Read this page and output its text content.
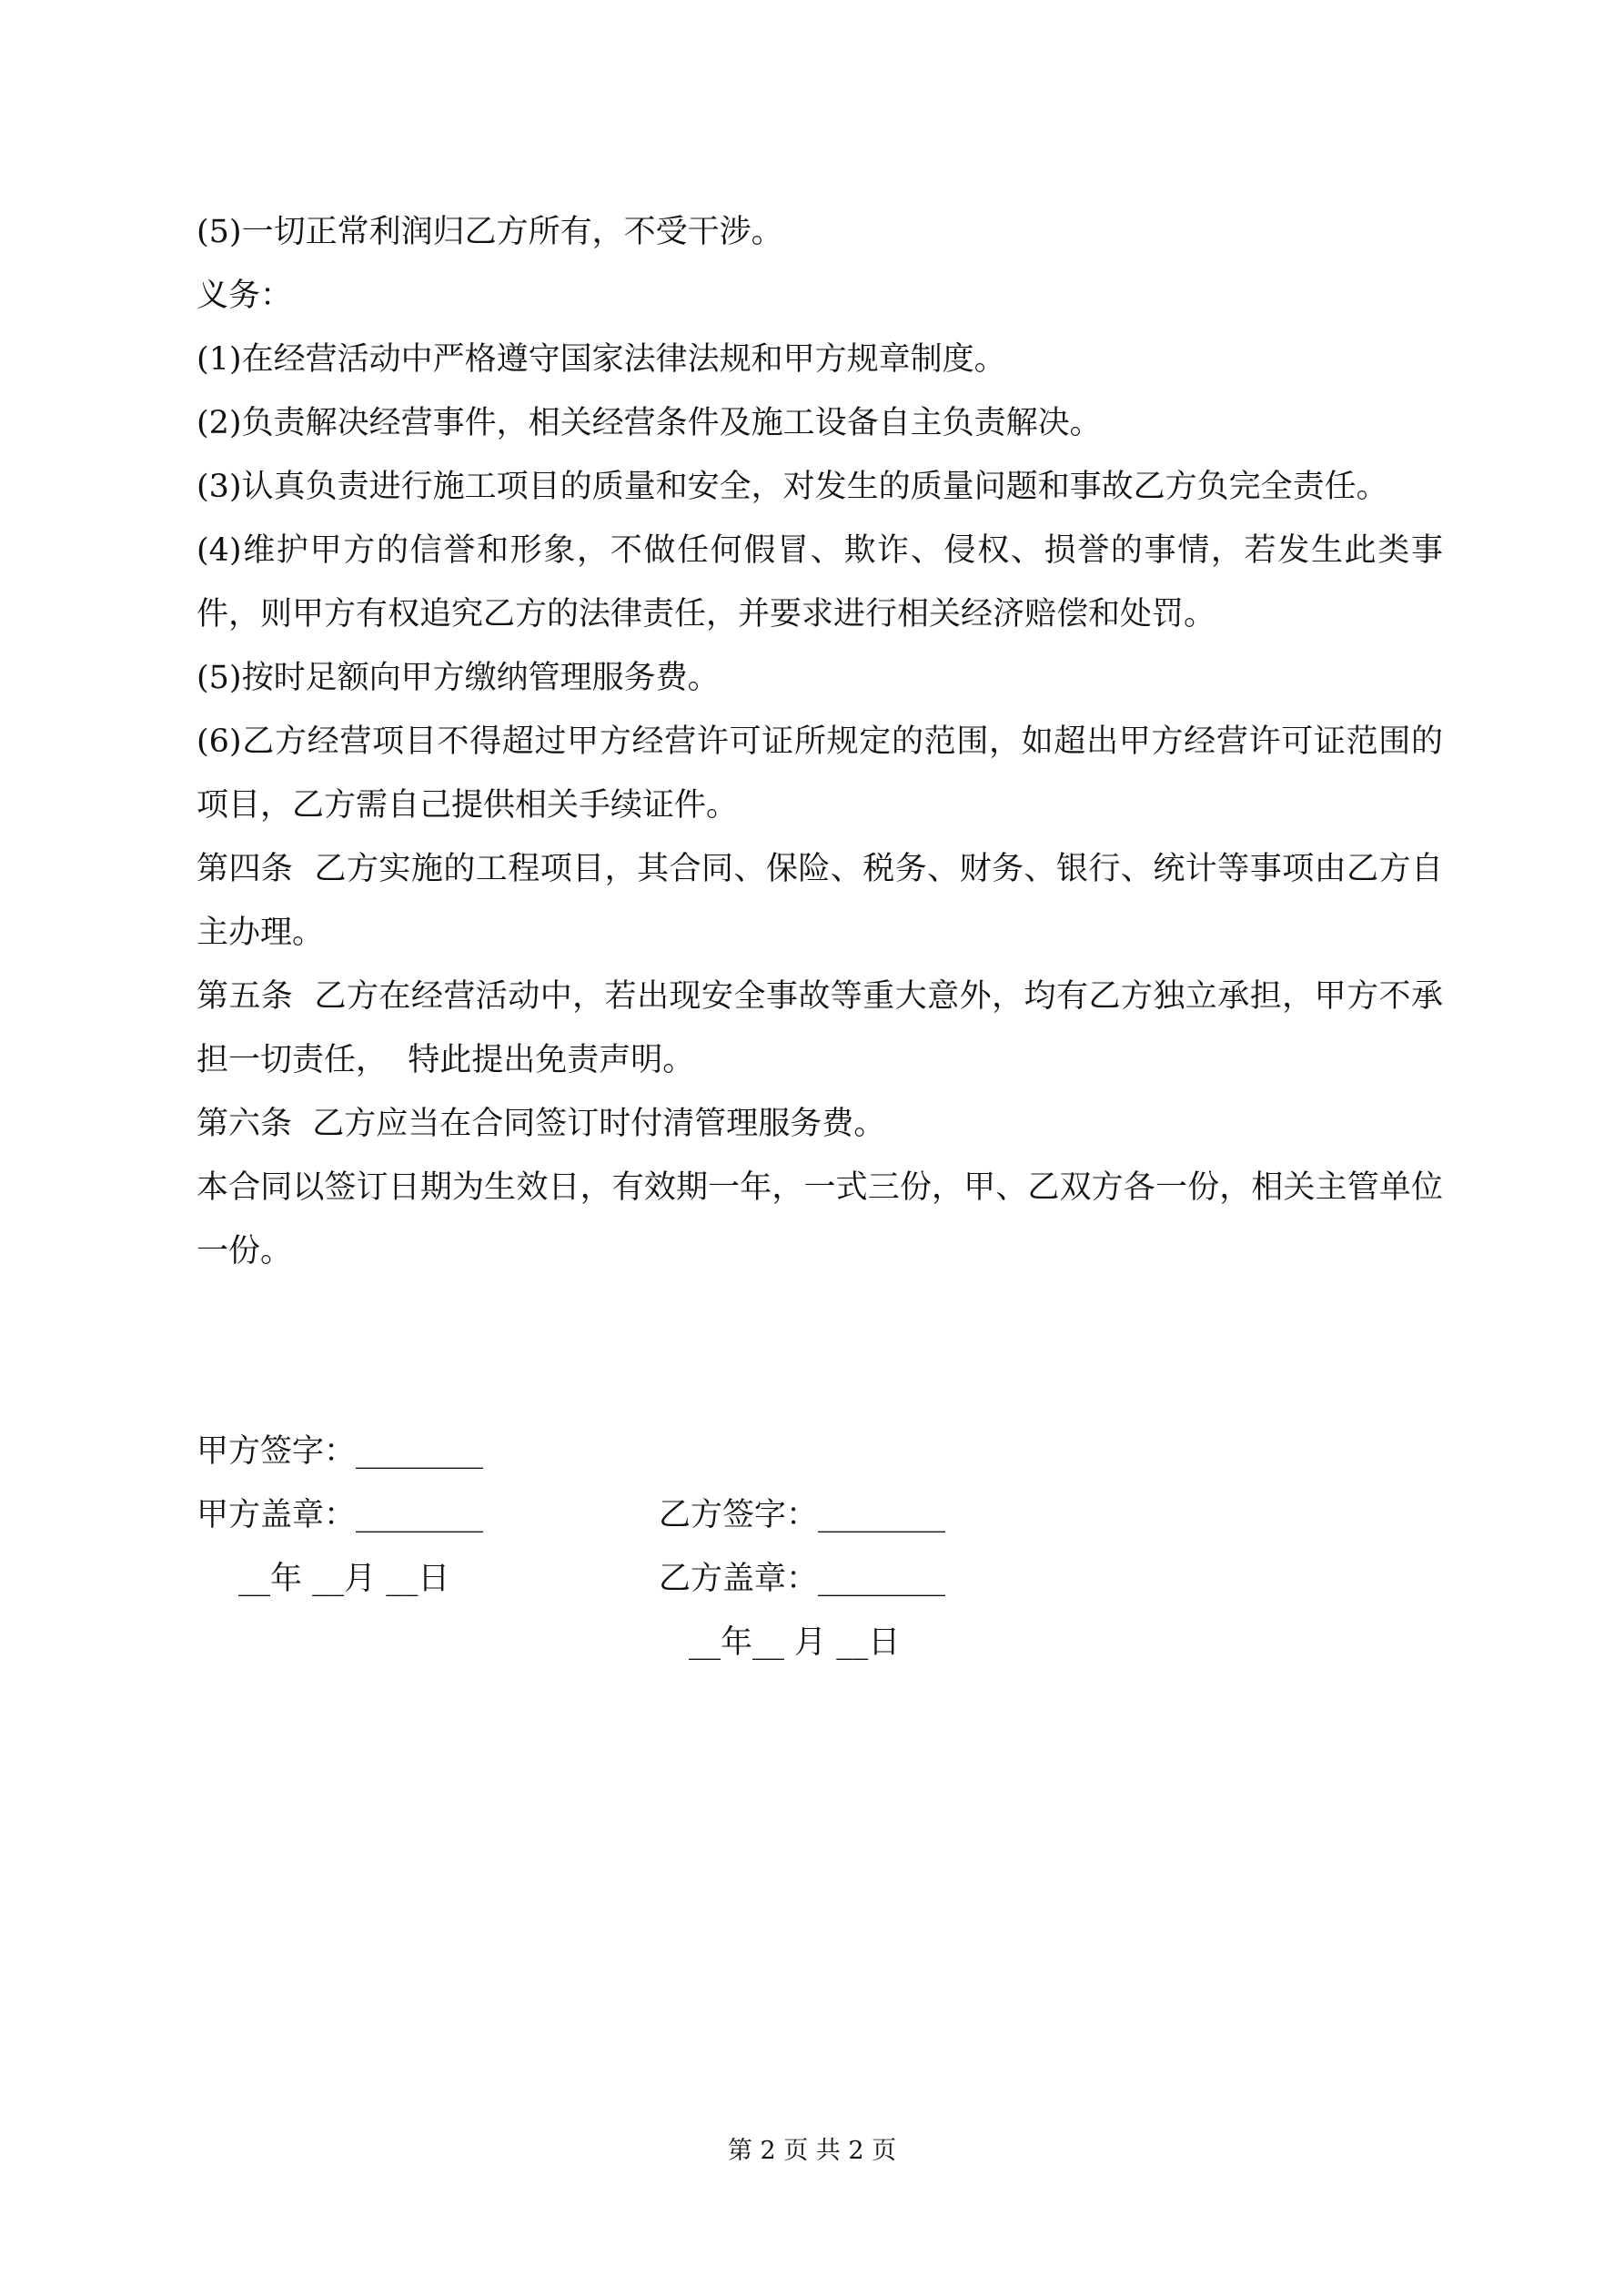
(5)一切正常利润归乙方所有，不受干涉。

义务：

(1)在经营活动中严格遵守国家法律法规和甲方规章制度。

(2)负责解决经营事件，相关经营条件及施工设备自主负责解决。

(3)认真负责进行施工项目的质量和安全，对发生的质量问题和事故乙方负完全责任。

(4)维护甲方的信誉和形象，不做任何假冒、欺诈、侵权、损誉的事情，若发生此类事件，则甲方有权追究乙方的法律责任，并要求进行相关经济赔偿和处罚。

(5)按时足额向甲方缴纳管理服务费。

(6)乙方经营项目不得超过甲方经营许可证所规定的范围，如超出甲方经营许可证范围的项目，乙方需自己提供相关手续证件。

第四条  乙方实施的工程项目，其合同、保险、税务、财务、银行、统计等事项由乙方自主办理。

第五条  乙方在经营活动中，若出现安全事故等重大意外，均有乙方独立承担，甲方不承担一切责任，  特此提出免责声明。

第六条  乙方应当在合同签订时付清管理服务费。

本合同以签订日期为生效日，有效期一年，一式三份，甲、乙双方各一份，相关主管单位一份。

甲方签字：________

乙方签字：________

甲方盖章：________

乙方盖章：________

__年 __月 __日

__年__ 月 __日

第 2 页 共 2 页
